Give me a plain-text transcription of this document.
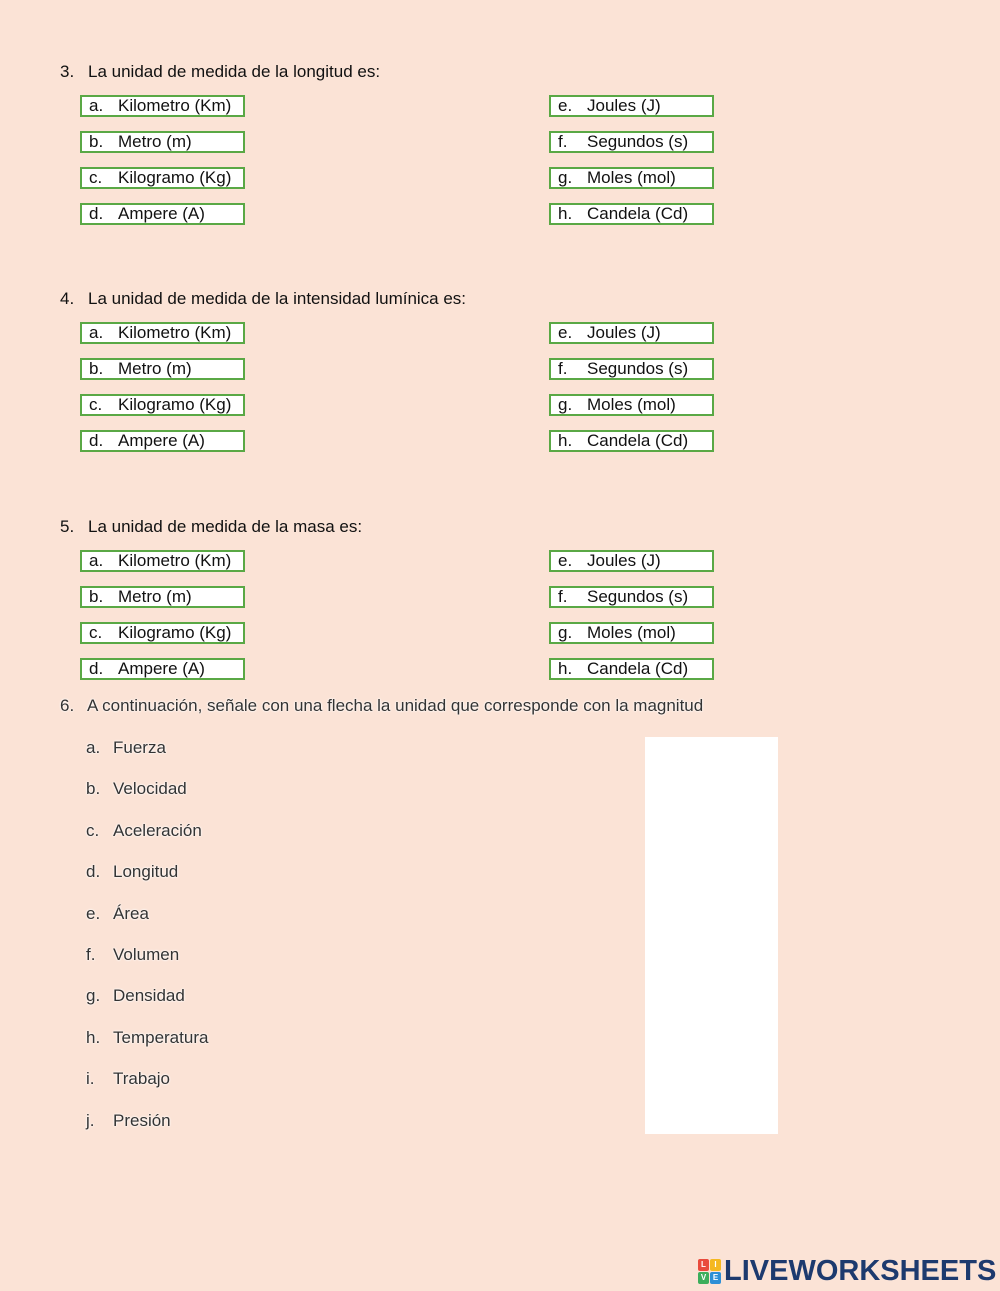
3. La unidad de medida de la longitud es:
a. Kilometro (Km)
b. Metro (m)
c. Kilogramo (Kg)
d. Ampere (A)
e. Joules (J)
f. Segundos (s)
g. Moles (mol)
h. Candela (Cd)
4. La unidad de medida de la intensidad lumínica es:
a. Kilometro (Km)
b. Metro (m)
c. Kilogramo (Kg)
d. Ampere (A)
e. Joules (J)
f. Segundos (s)
g. Moles (mol)
h. Candela (Cd)
5. La unidad de medida de la masa es:
a. Kilometro (Km)
b. Metro (m)
c. Kilogramo (Kg)
d. Ampere (A)
e. Joules (J)
f. Segundos (s)
g. Moles (mol)
h. Candela (Cd)
6. A continuación, señale con una flecha la unidad que corresponde con la magnitud
a. Fuerza
b. Velocidad
c. Aceleración
d. Longitud
e. Área
f. Volumen
g. Densidad
h. Temperatura
i. Trabajo
j. Presión
L	I
V E LIVEWORKSHEETS
